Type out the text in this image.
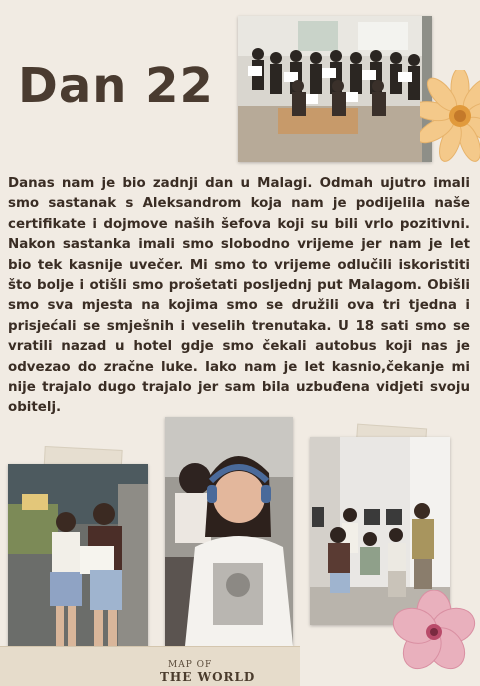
Dan 22
Danas nam je bio zadnji dan u Malagi. Odmah ujutro imali smo sastanak s Aleksandrom koja nam je podijelila naše certifikate i dojmove naših šefova koji su bili vrlo pozitivni. Nakon sastanka imali smo slobodno vrijeme jer nam je let bio tek kasnije uvečer. Mi smo to vrijeme odlučili iskoristiti što bolje i otišli smo prošetati posljednj put Malagom. Obišli smo sva mjesta na kojima smo se družili ova tri tjedna i prisjećali se smješnih i veselih trenutaka. U 18 sati smo se vratili nazad u hotel gdje smo čekali autobus koji nas je odvezao do zračne luke. Iako nam je let kasnio,čekanje mi nije trajalo dugo trajalo jer sam bila uzbuđena vidjeti svoju obitelj.
MAP OF
THE WORLD
